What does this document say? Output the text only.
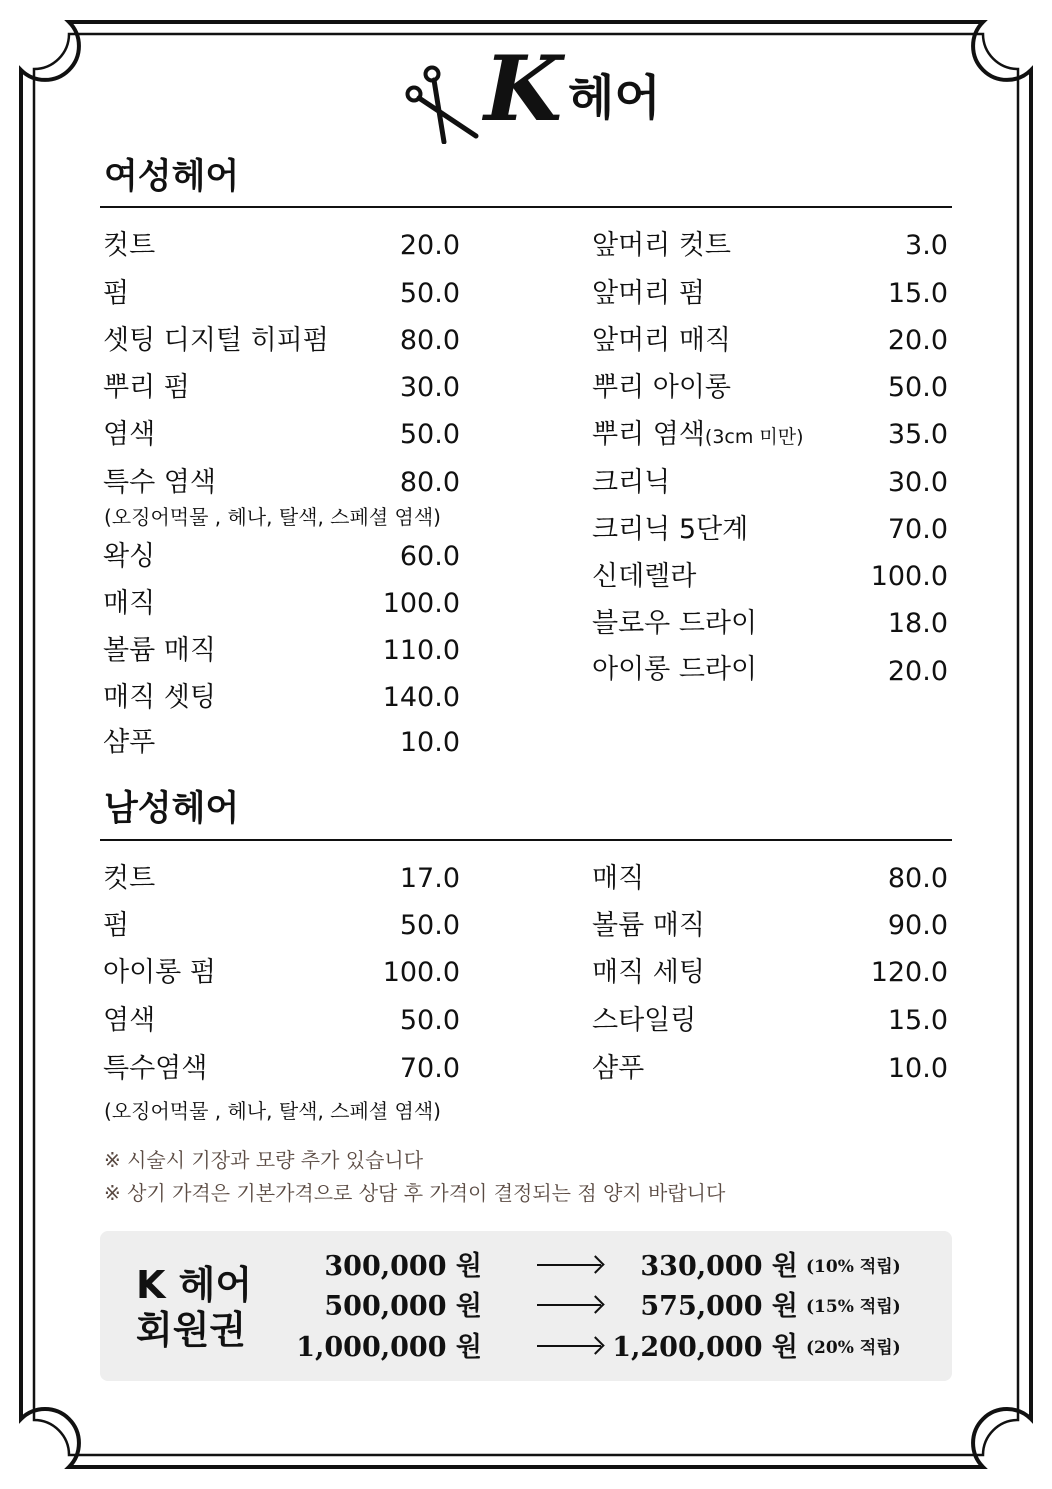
K 헤어
여성헤어
컷트	20.0
펌	50.0
셋팅 디지털 히피펌	80.0
뿌리 펌	30.0
염색	50.0
특수 염색	80.0
(오징어먹물 , 헤나, 탈색, 스페셜 염색)
왁싱	60.0
매직	100.0
볼륨 매직	110.0
매직 셋팅	140.0
샴푸	10.0
앞머리 컷트	3.0
앞머리 펌	15.0
앞머리 매직	20.0
뿌리 아이롱	50.0
뿌리 염색(3cm 미만)	35.0
크리닉	30.0
크리닉 5단계	70.0
신데렐라	100.0
블로우 드라이	18.0
아이롱 드라이	20.0
남성헤어
컷트	17.0
펌	50.0
아이롱 펌	100.0
염색	50.0
특수염색	70.0
(오징어먹물 , 헤나, 탈색, 스페셜 염색)
매직	80.0
볼륨 매직	90.0
매직 세팅	120.0
스타일링	15.0
샴푸	10.0
※ 시술시 기장과 모량 추가 있습니다
※ 상기 가격은 기본가격으로 상담 후 가격이 결정되는 점 양지 바랍니다
K 헤어
회원권
300,000 원	330,000 원 (10% 적립)
500,000 원	575,000 원 (15% 적립)
1,000,000 원	1,200,000 원 (20% 적립)
